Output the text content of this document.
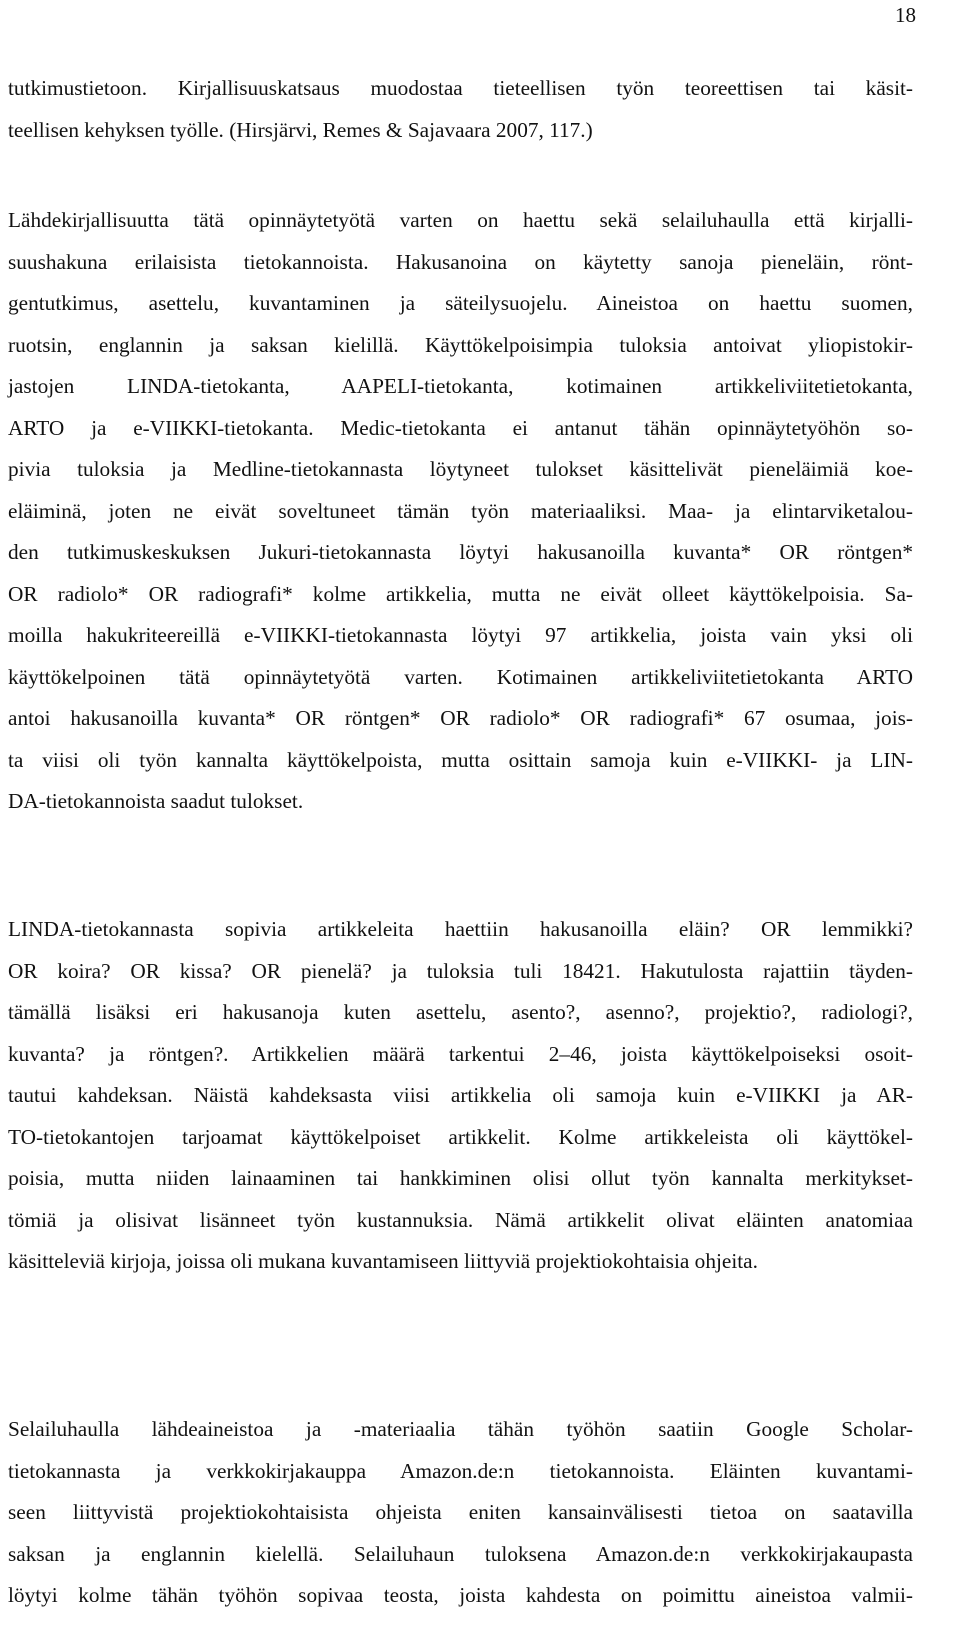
18
tutkimustietoon. Kirjallisuuskatsaus muodostaa tieteellisen työn teoreettisen tai käsit-
teellisen kehyksen työlle. (Hirsjärvi, Remes & Sajavaara 2007, 117.)
Lähdekirjallisuutta tätä opinnäytetyötä varten on haettu sekä selailuhaulla että kirjalli-
suushakuna erilaisista tietokannoista. Hakusanoina on käytetty sanoja pieneläin, rönt-
gentutkimus, asettelu, kuvantaminen ja säteilysuojelu. Aineistoa on haettu suomen,
ruotsin, englannin ja saksan kielillä. Käyttökelpoisimpia tuloksia antoivat yliopistokir-
jastojen LINDA-tietokanta, AAPELI-tietokanta, kotimainen artikkeliviitetietokanta,
ARTO ja e-VIIKKI-tietokanta. Medic-tietokanta ei antanut tähän opinnäytetyöhön so-
pivia tuloksia ja Medline-tietokannasta löytyneet tulokset käsittelivät pieneläimiä koe-
eläiminä, joten ne eivät soveltuneet tämän työn materiaaliksi. Maa- ja elintarviketalou-
den tutkimuskeskuksen Jukuri-tietokannasta löytyi hakusanoilla kuvanta* OR röntgen*
OR radiolo* OR radiografi* kolme artikkelia, mutta ne eivät olleet käyttökelpoisia. Sa-
moilla hakukriteereillä e-VIIKKI-tietokannasta löytyi 97 artikkelia, joista vain yksi oli
käyttökelpoinen tätä opinnäytetyötä varten. Kotimainen artikkeliviitetietokanta ARTO
antoi hakusanoilla kuvanta* OR röntgen* OR radiolo* OR radiografi* 67 osumaa, jois-
ta viisi oli työn kannalta käyttökelpoista, mutta osittain samoja kuin e-VIIKKI- ja LIN-
DA-tietokannoista saadut tulokset.
LINDA-tietokannasta sopivia artikkeleita haettiin hakusanoilla eläin? OR lemmikki?
OR koira? OR kissa? OR pienelä? ja tuloksia tuli 18421. Hakutulosta rajattiin täyden-
tämällä lisäksi eri hakusanoja kuten asettelu, asento?, asenno?, projektio?, radiologi?,
kuvanta? ja röntgen?. Artikkelien määrä tarkentui 2–46, joista käyttökelpoiseksi osoit-
tautui kahdeksan. Näistä kahdeksasta viisi artikkelia oli samoja kuin e-VIIKKI ja AR-
TO-tietokantojen tarjoamat käyttökelpoiset artikkelit. Kolme artikkeleista oli käyttökel-
poisia, mutta niiden lainaaminen tai hankkiminen olisi ollut työn kannalta merkitykset-
tömiä ja olisivat lisänneet työn kustannuksia. Nämä artikkelit olivat eläinten anatomiaa
käsitteleviä kirjoja, joissa oli mukana kuvantamiseen liittyviä projektiokohtaisia ohjeita.
Selailuhaulla lähdeaineistoa ja -materiaalia tähän työhön saatiin Google Scholar-
tietokannasta ja verkkokirjakauppa Amazon.de:n tietokannoista. Eläinten kuvantami-
seen liittyvistä projektiokohtaisista ohjeista eniten kansainvälisesti tietoa on saatavilla
saksan ja englannin kielellä. Selailuhaun tuloksena Amazon.de:n verkkokirjakaupasta
löytyi kolme tähän työhön sopivaa teosta, joista kahdesta on poimittu aineistoa valmii-
